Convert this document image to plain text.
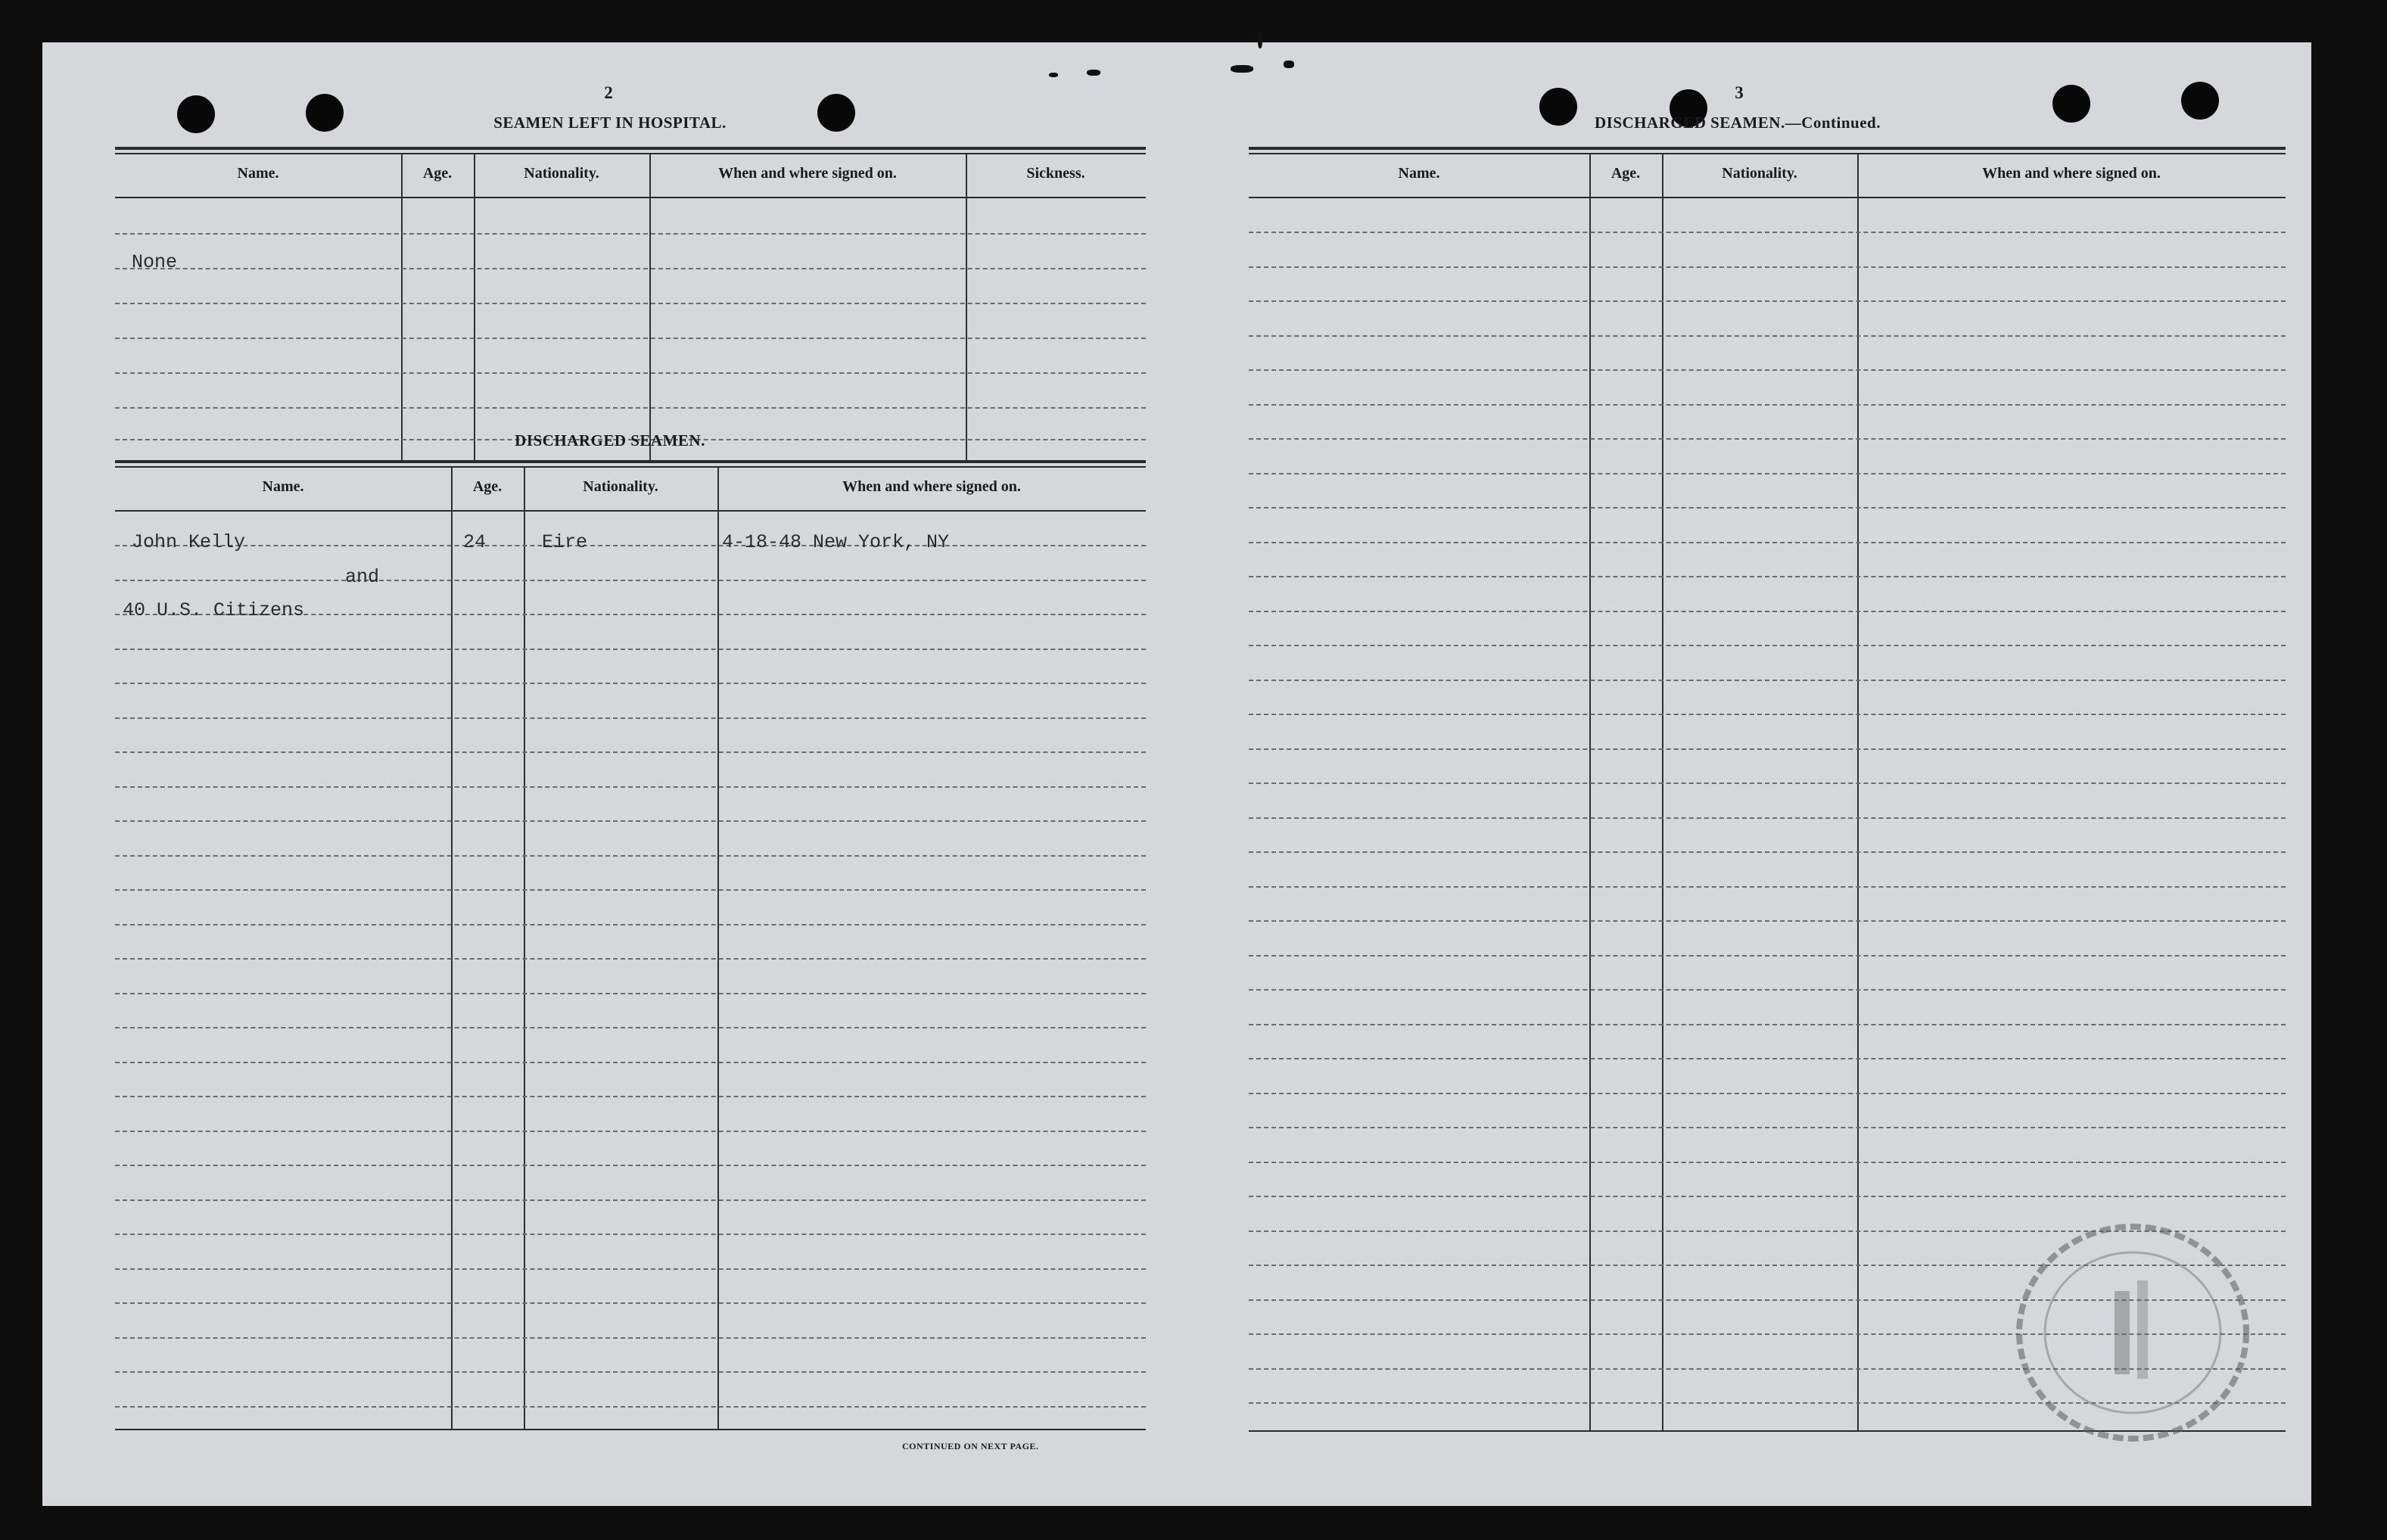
2
SEAMEN LEFT IN HOSPITAL.
Name.	Age.	Nationality.	When and where signed on.	Sickness.
None
DISCHARGED SEAMEN.
Name.	Age.	Nationality.	When and where signed on.
John Kelly	24	Eire	4-18-48 New York, NY
and
40 U.S. Citizens
CONTINUED ON NEXT PAGE.
3
DISCHARGED SEAMEN.—Continued.
Name.	Age.	Nationality.	When and where signed on.
